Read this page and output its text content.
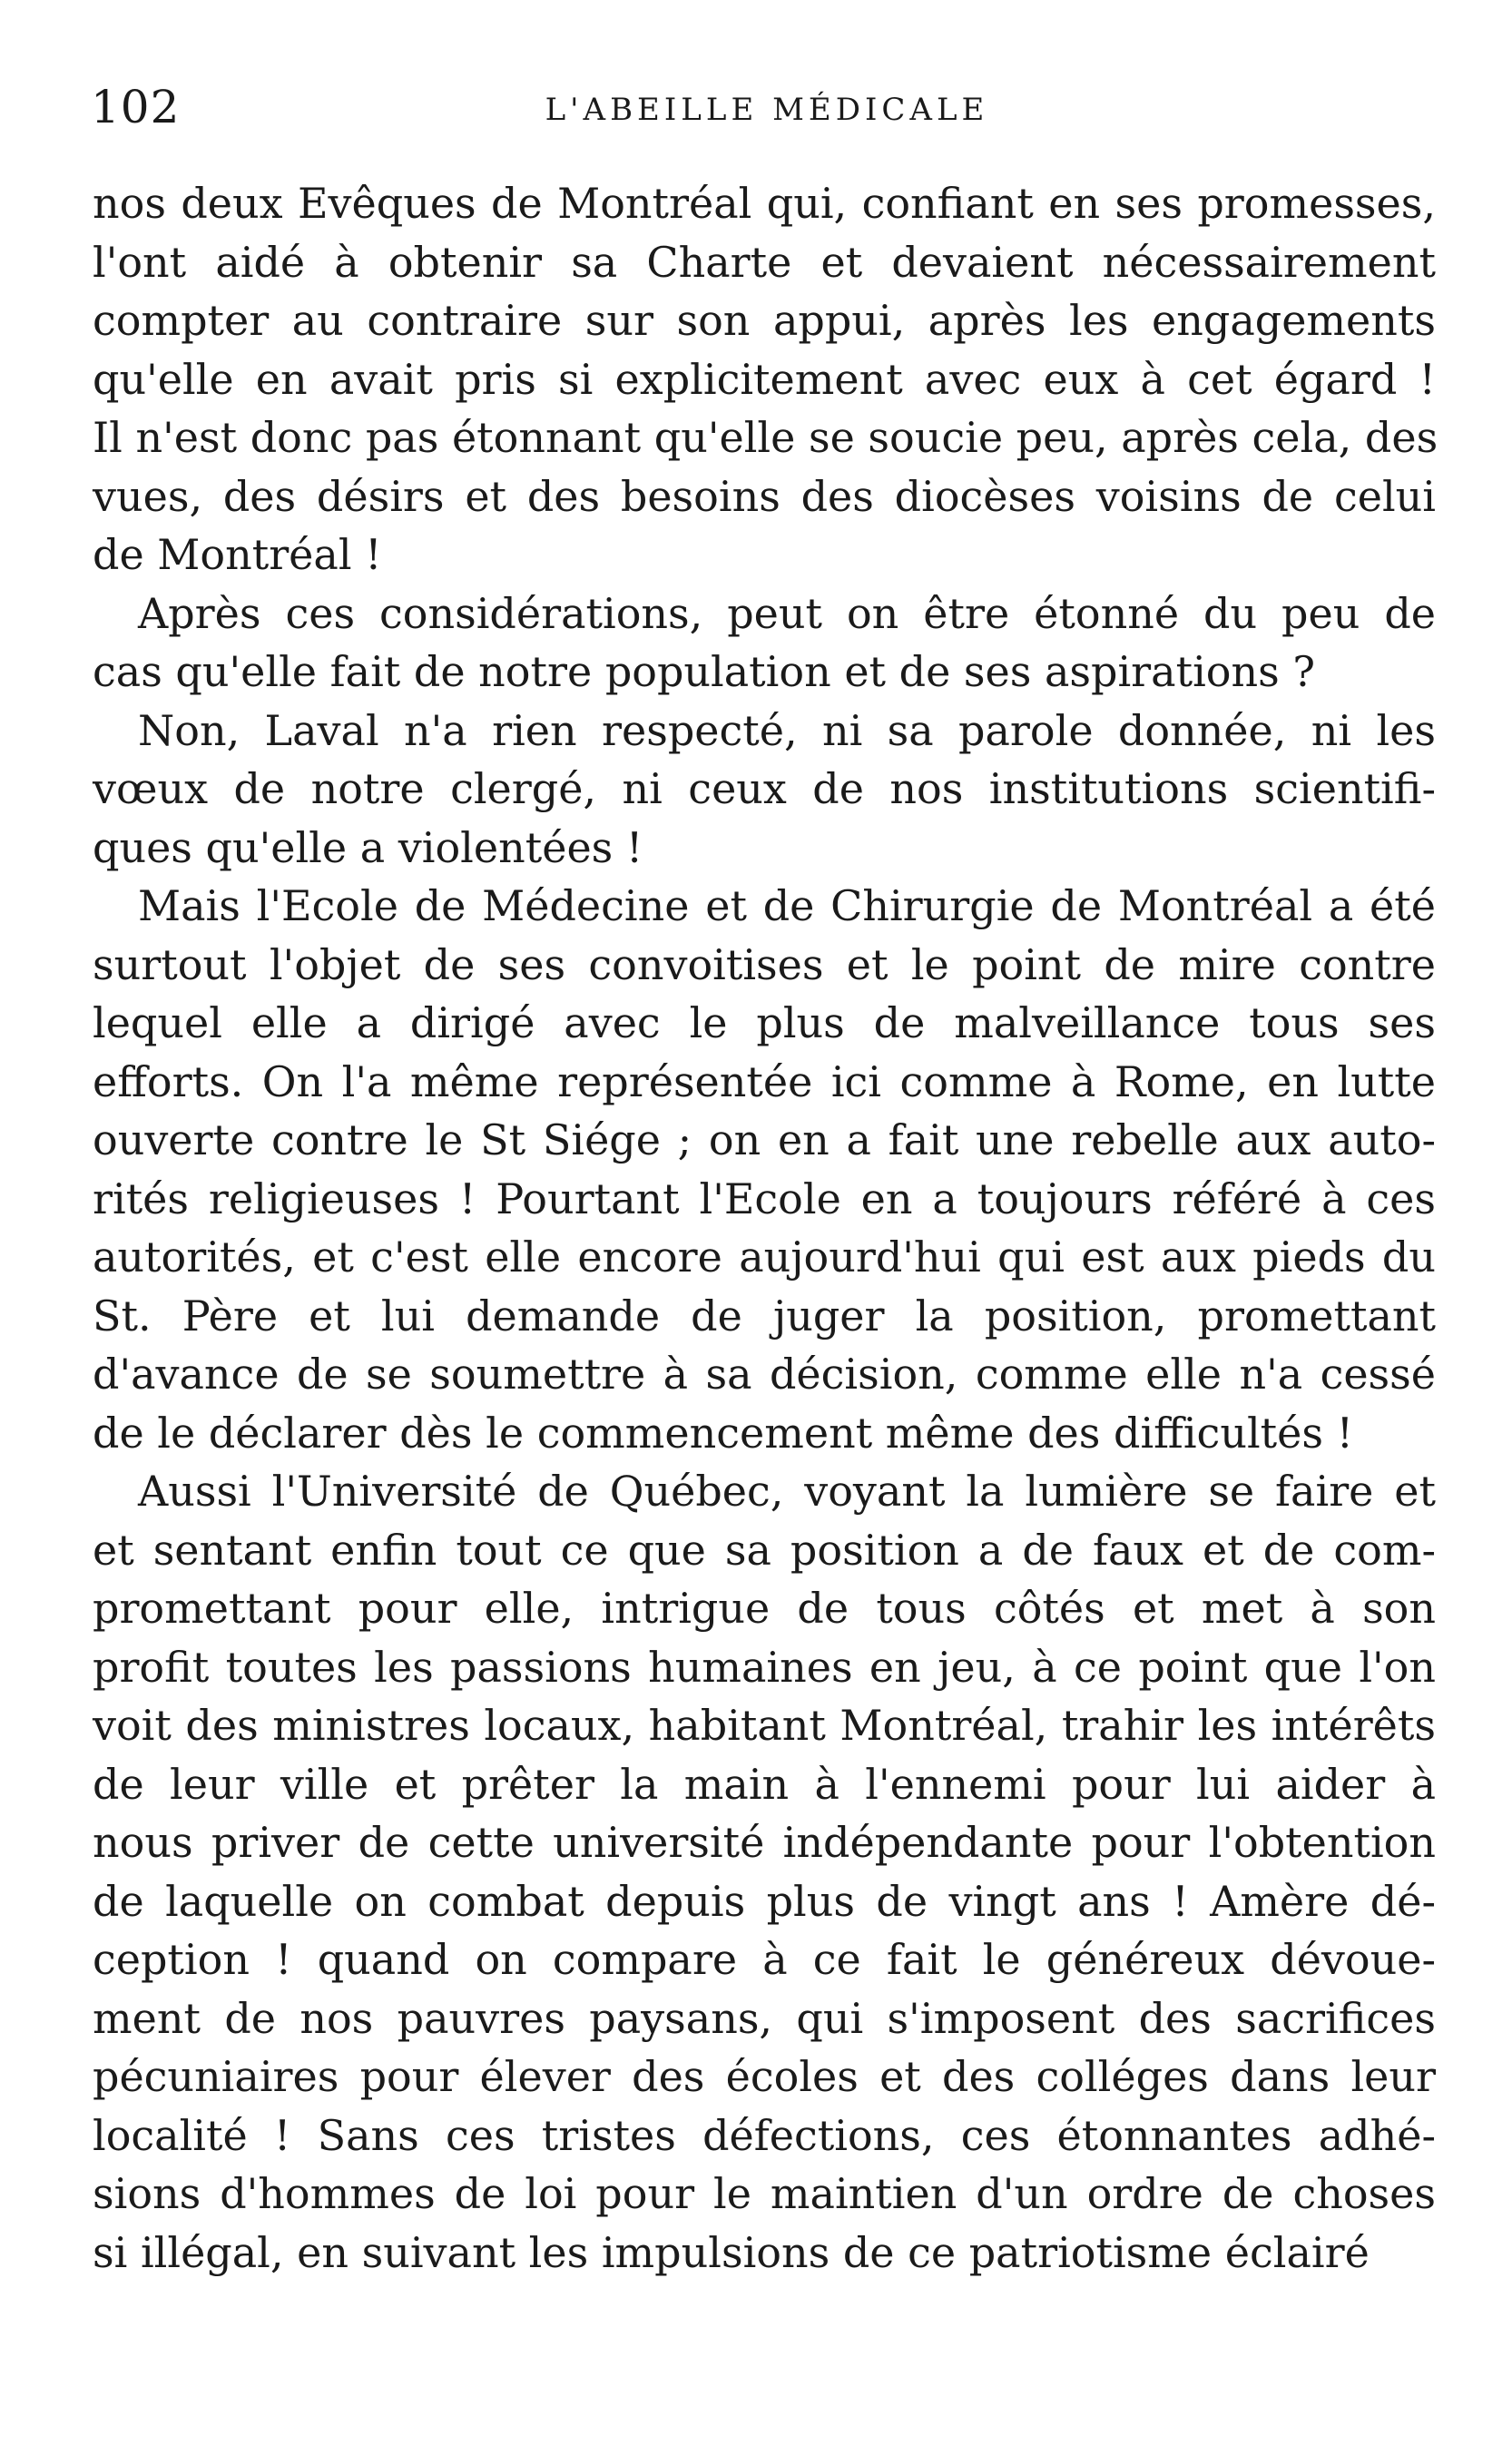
102	L'ABEILLE MÉDICALE
nos deux Evêques de Montréal qui, confiant en ses promesses,
l'ont aidé à obtenir sa Charte et devaient nécessairement
compter au contraire sur son appui, après les engagements
qu'elle en avait pris si explicitement avec eux à cet égard !
Il n'est donc pas étonnant qu'elle se soucie peu, après cela, des
vues, des désirs et des besoins des diocèses voisins de celui
de Montréal !
Après ces considérations, peut on être étonné du peu de
cas qu'elle fait de notre population et de ses aspirations ?
Non, Laval n'a rien respecté, ni sa parole donnée, ni les
vœux de notre clergé, ni ceux de nos institutions scientifi-
ques qu'elle a violentées !
Mais l'Ecole de Médecine et de Chirurgie de Montréal a été
surtout l'objet de ses convoitises et le point de mire contre
lequel elle a dirigé avec le plus de malveillance tous ses
efforts. On l'a même représentée ici comme à Rome, en lutte
ouverte contre le St Siége ; on en a fait une rebelle aux auto-
rités religieuses ! Pourtant l'Ecole en a toujours référé à ces
autorités, et c'est elle encore aujourd'hui qui est aux pieds du
St. Père et lui demande de juger la position, promettant
d'avance de se soumettre à sa décision, comme elle n'a cessé
de le déclarer dès le commencement même des difficultés !
Aussi l'Université de Québec, voyant la lumière se faire et
et sentant enfin tout ce que sa position a de faux et de com-
promettant pour elle, intrigue de tous côtés et met à son
profit toutes les passions humaines en jeu, à ce point que l'on
voit des ministres locaux, habitant Montréal, trahir les intérêts
de leur ville et prêter la main à l'ennemi pour lui aider à
nous priver de cette université indépendante pour l'obtention
de laquelle on combat depuis plus de vingt ans ! Amère dé-
ception ! quand on compare à ce fait le généreux dévoue-
ment de nos pauvres paysans, qui s'imposent des sacrifices
pécuniaires pour élever des écoles et des colléges dans leur
localité ! Sans ces tristes défections, ces étonnantes adhé-
sions d'hommes de loi pour le maintien d'un ordre de choses
si illégal, en suivant les impulsions de ce patriotisme éclairé
